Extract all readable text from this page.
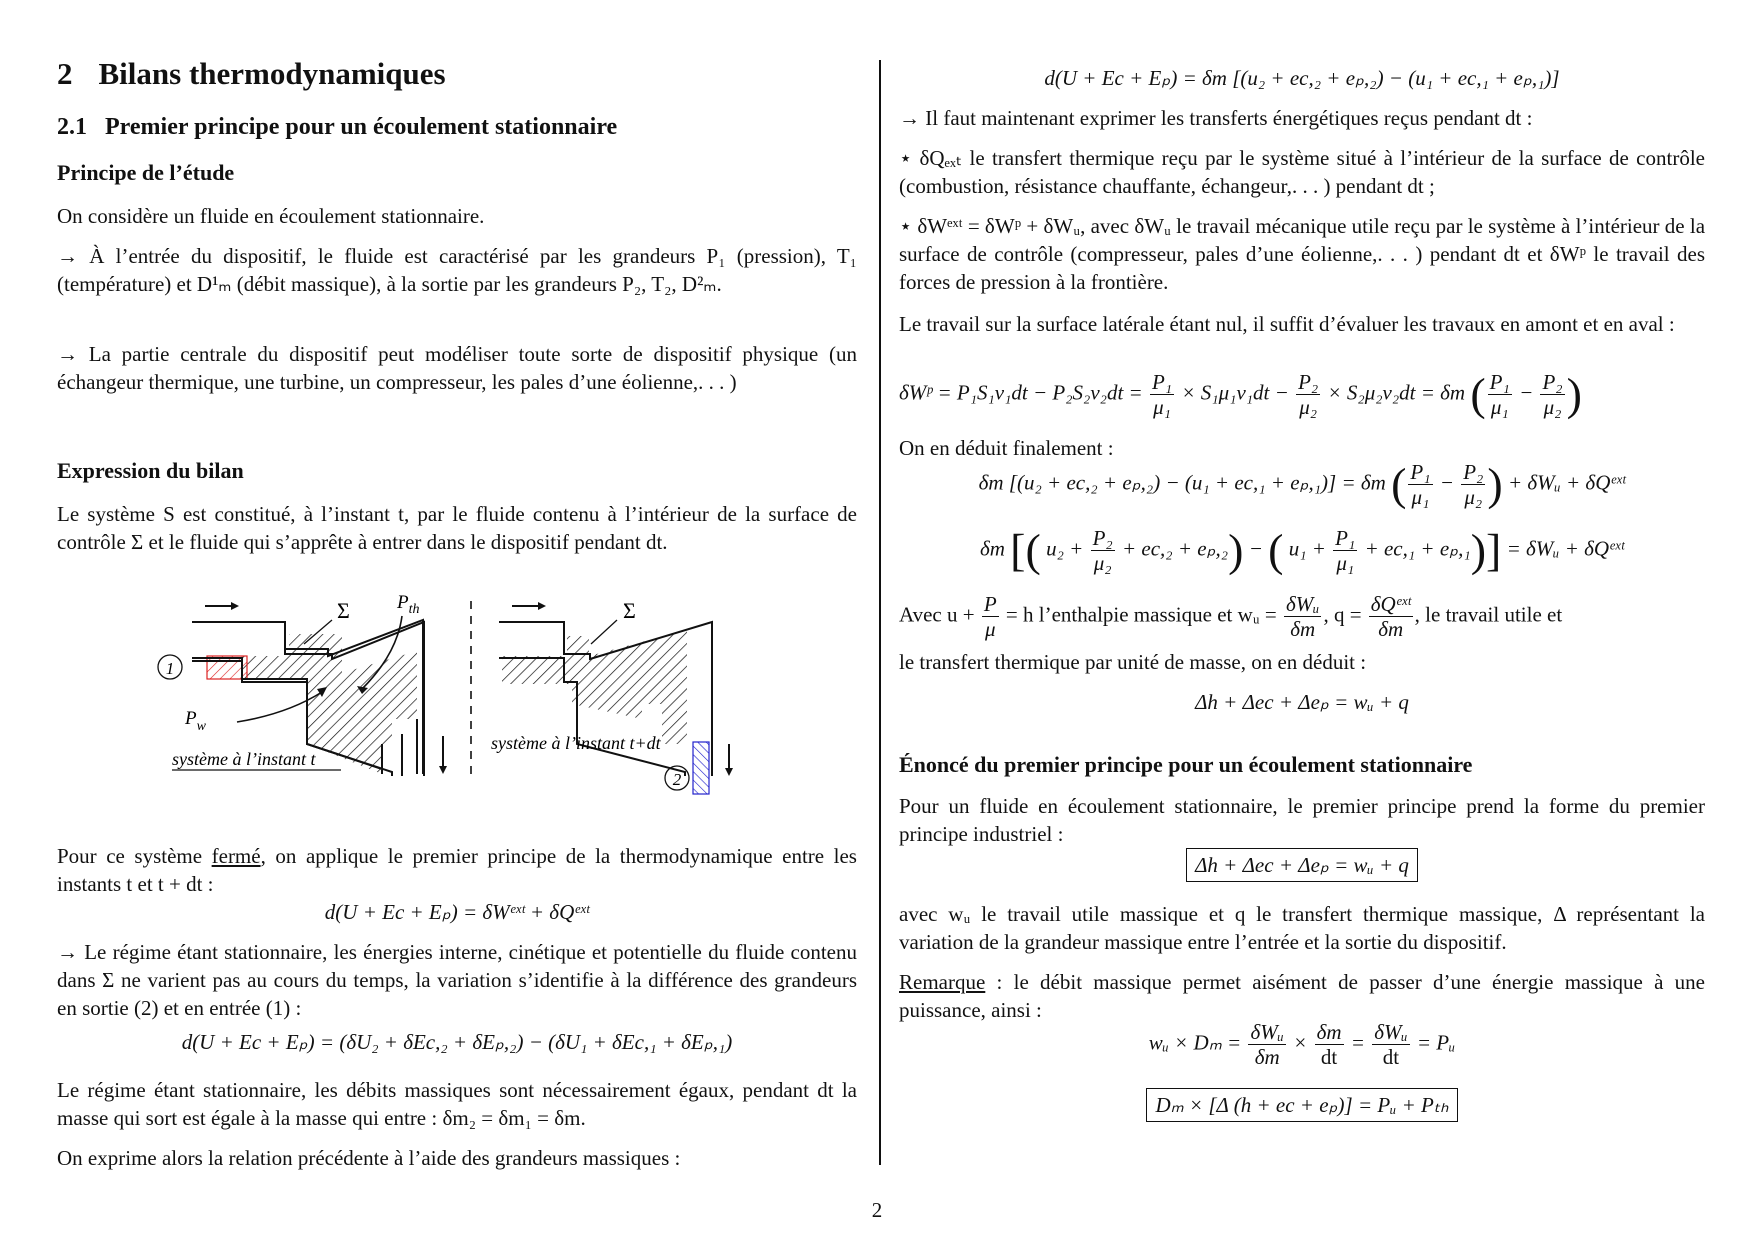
2 Bilans thermodynamiques
2.1 Premier principe pour un écoulement stationnaire
Principe de l’étude

On considère un fluide en écoulement stationnaire.

→ À l’entrée du dispositif, le fluide est caractérisé par les grandeurs P₁ (pression), T₁ (température) et D¹ₘ (débit massique), à la sortie par les grandeurs P₂, T₂, D²ₘ.

→ La partie centrale du dispositif peut modéliser toute sorte de dispositif physique (un échangeur thermique, une turbine, un compresseur, les pales d’une éolienne,. . . )

Expression du bilan

Le système S est constitué, à l’instant t, par le fluide contenu à l’intérieur de la surface de contrôle Σ et le fluide qui s’apprête à entrer dans le dispositif pendant dt.

Σ $P_{th}$
$P_w$
1
système à l’instant t
Σ
système à l’instant t+dt
2

Pour ce système fermé, on applique le premier principe de la thermodynamique entre les instants t et t + dt :

d(U + Eс + Eₚ) = δWᵉˣᵗ + δQᵉˣᵗ

→ Le régime étant stationnaire, les énergies interne, cinétique et potentielle du fluide contenu dans Σ ne varient pas au cours du temps, la variation s’identifie à la différence des grandeurs en sortie (2) et en entrée (1) :

d(U + Eс + Eₚ) = (δU₂ + δEс,₂ + δEₚ,₂) − (δU₁ + δEс,₁ + δEₚ,₁)

Le régime étant stationnaire, les débits massiques sont nécessairement égaux, pendant dt la masse qui sort est égale à la masse qui entre : δm₂ = δm₁ = δm.

On exprime alors la relation précédente à l’aide des grandeurs massiques :

d(U + Eс + Eₚ) = δm [(u₂ + eс,₂ + eₚ,₂) − (u₁ + eс,₁ + eₚ,₁)]

→ Il faut maintenant exprimer les transferts énergétiques reçus pendant dt :

⋆ δQₑₓₜ le transfert thermique reçu par le système situé à l’intérieur de la surface de contrôle (combustion, résistance chauffante, échangeur,. . . ) pendant dt ;

⋆ δWᵉˣᵗ = δWᵖ + δWᵤ, avec δWᵤ le travail mécanique utile reçu par le système à l’intérieur de la surface de contrôle (compresseur, pales d’une éolienne,. . . ) pendant dt et δWᵖ le travail des forces de pression à la frontière.

Le travail sur la surface latérale étant nul, il suffit d’évaluer les travaux en amont et en aval :

δWᵖ = $P_1S_1v_1dt - P_2S_2v_2dt = \frac{\text{P₁}}{\text{μ₁}} \times S_1\mu_1v_1dt - \frac{\text{P₂}}{\text{μ₂}} \times S_2\mu_2v_2dt = \delta m$ ( $\frac{\text{P₁}}{\text{μ₁}} - \frac{\text{P₂}}{\text{μ₂}}$ )

On en déduit finalement :

δm [(u₂ + eс,₂ + eₚ,₂) − (u₁ + eс,₁ + eₚ,₁)] = δm ( $\frac{\text{P₁}}{\text{μ₁}} - \frac{\text{P₂}}{\text{μ₂}}$ ) + δWᵤ + δQᵉˣᵗ
δm [( $u_2 + \frac{\text{P₂}}{\text{μ₂}} + eс,_2 + e_p,_2$) − ( $u_1 + \frac{\text{P₁}}{\text{μ₁}} + eс,_1 + e_p,_1$)] = δWᵤ + δQᵉˣᵗ

Avec $u + \frac{P}{\mu} = h$ l’enthalpie massique et wᵤ = $\frac{\text{δWᵤ}}{\delta m}$ , $q = \frac{\text{δQᵉˣᵗ}}{\delta m}$ , le travail utile et

le transfert thermique par unité de masse, on en déduit :

Δh + Δeс + Δeₚ = wᵤ + q
Énoncé du premier principe pour un écoulement stationnaire

Pour un fluide en écoulement stationnaire, le premier principe prend la forme du premier principe industriel :

Δh + Δeс + Δeₚ = wᵤ + q

avec wᵤ le travail utile massique et q le transfert thermique massique, Δ représentant la variation de la grandeur massique entre l’entrée et la sortie du dispositif.

Remarque : le débit massique permet aisément de passer d’une énergie massique à une puissance, ainsi :

wᵤ × $D_m = \frac{\text{δWᵤ}}{\delta m} \times \frac{\delta m}{dt} = \frac{\text{δWᵤ}}{dt}$ = Pᵤ
Dₘ × [Δ (h + eс + eₚ)] = Pᵤ + Pₜₕ
2
